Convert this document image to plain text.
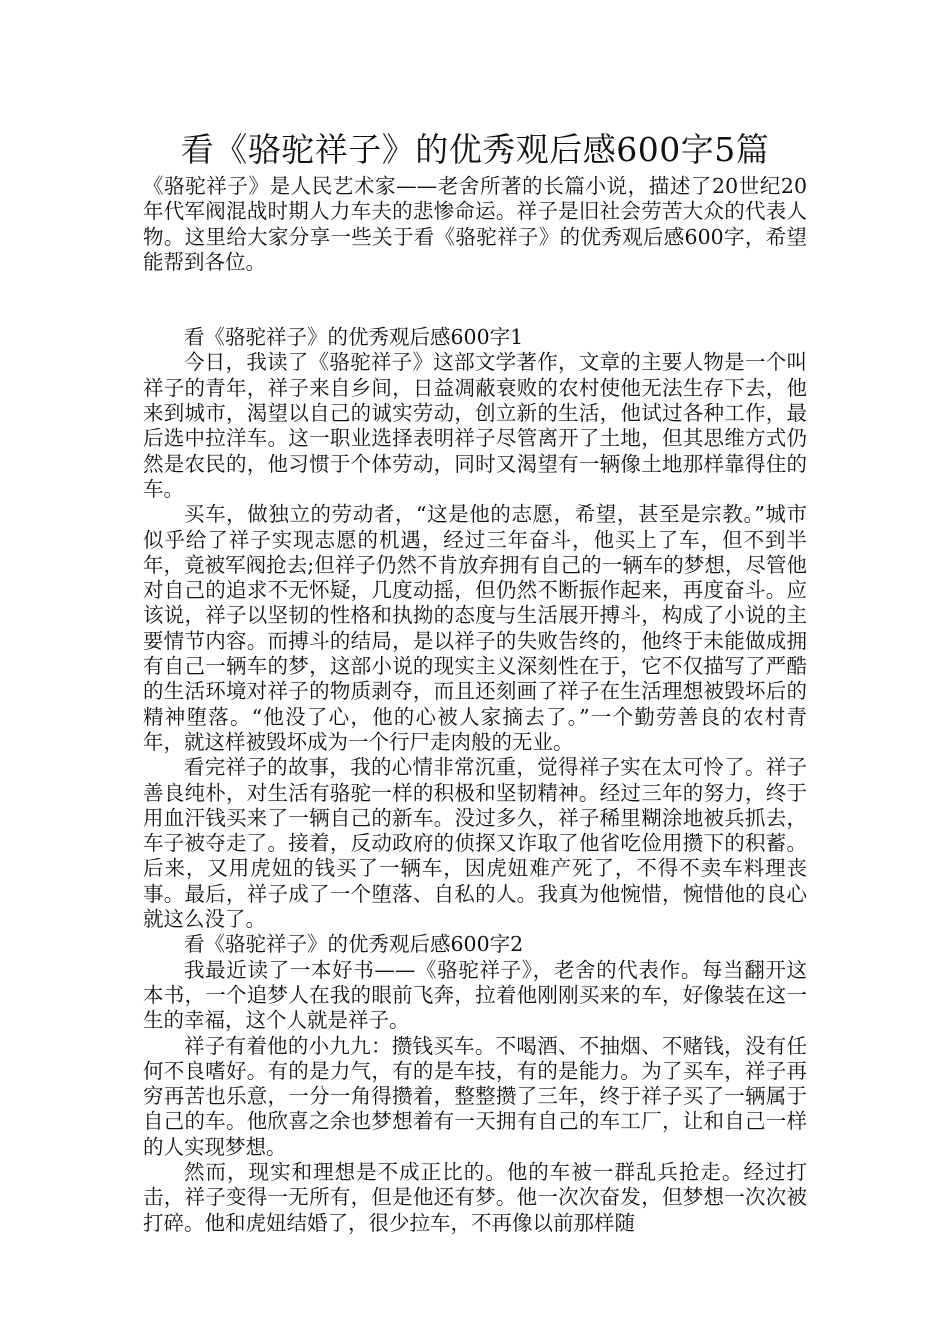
看《骆驼祥子》的优秀观后感600字5篇

《骆驼祥子》是人民艺术家——老舍所著的长篇小说，描述了20世纪20年代军阀混战时期人力车夫的悲惨命运。祥子是旧社会劳苦大众的代表人物。这里给大家分享一些关于看《骆驼祥子》的优秀观后感600字，希望能帮到各位。

看《骆驼祥子》的优秀观后感600字1

今日，我读了《骆驼祥子》这部文学著作，文章的主要人物是一个叫祥子的青年，祥子来自乡间，日益凋蔽衰败的农村使他无法生存下去，他来到城市，渴望以自己的诚实劳动，创立新的生活，他试过各种工作，最后选中拉洋车。这一职业选择表明祥子尽管离开了土地，但其思维方式仍然是农民的，他习惯于个体劳动，同时又渴望有一辆像土地那样靠得住的车。

买车，做独立的劳动者，“这是他的志愿，希望，甚至是宗教。”城市似乎给了祥子实现志愿的机遇，经过三年奋斗，他买上了车，但不到半年，竟被军阀抢去;但祥子仍然不肯放弃拥有自己的一辆车的梦想，尽管他对自己的追求不无怀疑，几度动摇，但仍然不断振作起来，再度奋斗。应该说，祥子以坚韧的性格和执拗的态度与生活展开搏斗，构成了小说的主要情节内容。而搏斗的结局，是以祥子的失败告终的，他终于未能做成拥有自己一辆车的梦，这部小说的现实主义深刻性在于，它不仅描写了严酷的生活环境对祥子的物质剥夺，而且还刻画了祥子在生活理想被毁坏后的精神堕落。“他没了心，他的心被人家摘去了。”一个勤劳善良的农村青年，就这样被毁坏成为一个行尸走肉般的无业。

看完祥子的故事，我的心情非常沉重，觉得祥子实在太可怜了。祥子善良纯朴，对生活有骆驼一样的积极和坚韧精神。经过三年的努力，终于用血汗钱买来了一辆自己的新车。没过多久，祥子稀里糊涂地被兵抓去，车子被夺走了。接着，反动政府的侦探又诈取了他省吃俭用攒下的积蓄。后来，又用虎妞的钱买了一辆车，因虎妞难产死了，不得不卖车料理丧事。最后，祥子成了一个堕落、自私的人。我真为他惋惜，惋惜他的良心就这么没了。

看《骆驼祥子》的优秀观后感600字2

我最近读了一本好书——《骆驼祥子》，老舍的代表作。每当翻开这本书，一个追梦人在我的眼前飞奔，拉着他刚刚买来的车，好像装在这一生的幸福，这个人就是祥子。

祥子有着他的小九九：攒钱买车。不喝酒、不抽烟、不赌钱，没有任何不良嗜好。有的是力气，有的是车技，有的是能力。为了买车，祥子再穷再苦也乐意，一分一角得攒着，整整攒了三年，终于祥子买了一辆属于自己的车。他欣喜之余也梦想着有一天拥有自己的车工厂，让和自己一样的人实现梦想。

然而，现实和理想是不成正比的。他的车被一群乱兵抢走。经过打击，祥子变得一无所有，但是他还有梦。他一次次奋发，但梦想一次次被打碎。他和虎妞结婚了，很少拉车，不再像以前那样随
